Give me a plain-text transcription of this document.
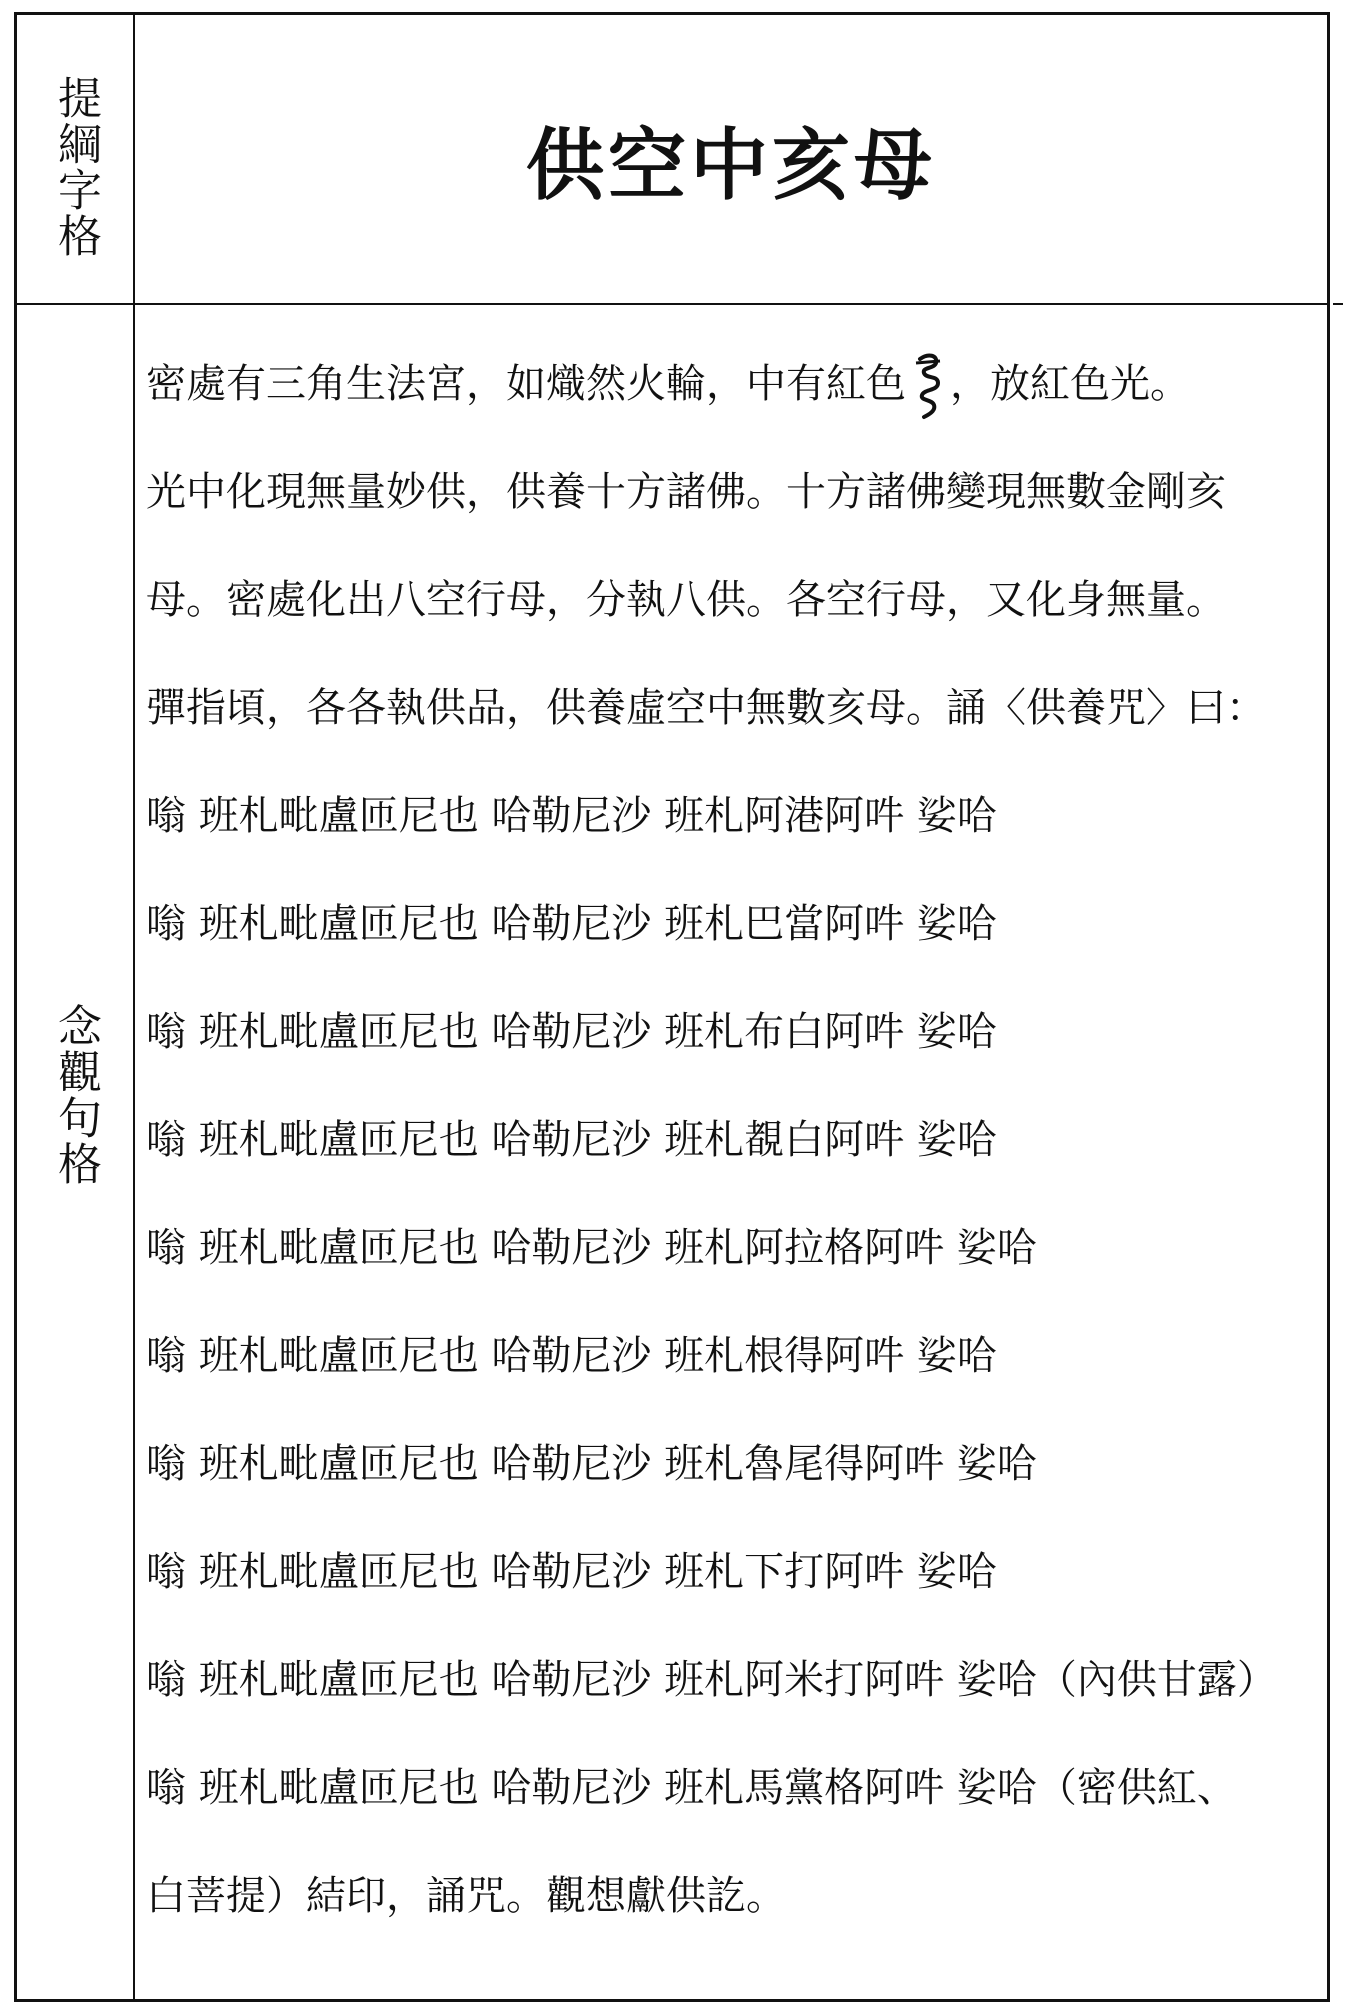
提綱字格
念觀句格
供空中亥母
密處有三角生法宮，如熾然火輪，中有紅色 ，放紅色光。
光中化現無量妙供，供養十方諸佛。十方諸佛變現無數金剛亥
母。密處化出八空行母，分執八供。各空行母，又化身無量。
彈指頃，各各執供品，供養虛空中無數亥母。誦〈供養咒〉曰：
嗡 班札毗盧匝尼也 哈勒尼沙 班札阿港阿吽 娑哈
嗡 班札毗盧匝尼也 哈勒尼沙 班札巴當阿吽 娑哈
嗡 班札毗盧匝尼也 哈勒尼沙 班札布白阿吽 娑哈
嗡 班札毗盧匝尼也 哈勒尼沙 班札覩白阿吽 娑哈
嗡 班札毗盧匝尼也 哈勒尼沙 班札阿拉格阿吽 娑哈
嗡 班札毗盧匝尼也 哈勒尼沙 班札根得阿吽 娑哈
嗡 班札毗盧匝尼也 哈勒尼沙 班札魯尾得阿吽 娑哈
嗡 班札毗盧匝尼也 哈勒尼沙 班札下打阿吽 娑哈
嗡 班札毗盧匝尼也 哈勒尼沙 班札阿米打阿吽 娑哈（內供甘露）
嗡 班札毗盧匝尼也 哈勒尼沙 班札馬黨格阿吽 娑哈（密供紅、
白菩提）結印，誦咒。觀想獻供訖。
